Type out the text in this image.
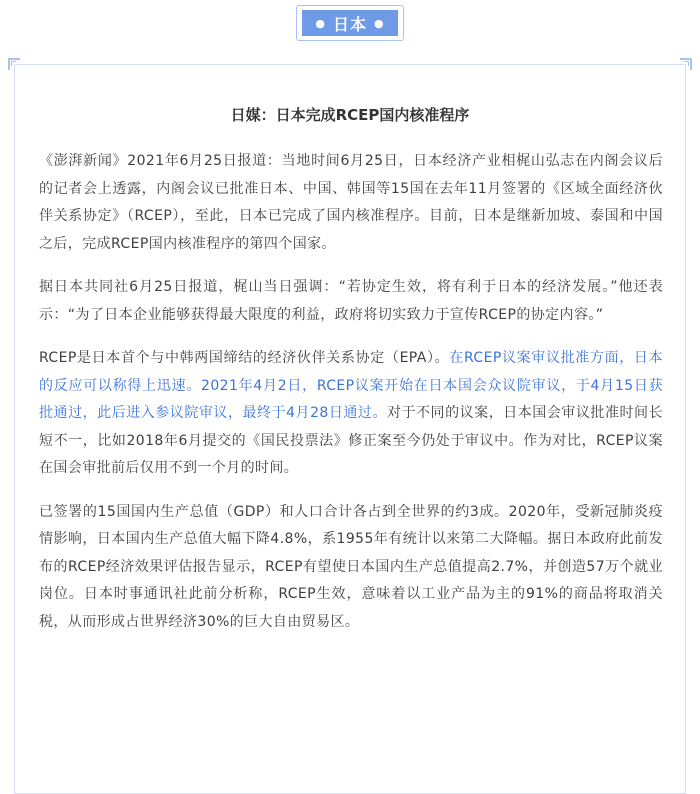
● 日本 ●
日媒：日本完成RCEP国内核准程序

《澎湃新闻》2021年6月25日报道：当地时间6月25日，日本经济产业相梶山弘志在内阁会议后的记者会上透露，内阁会议已批准日本、中国、韩国等15国在去年11月签署的《区域全面经济伙伴关系协定》（RCEP），至此，日本已完成了国内核准程序。目前，日本是继新加坡、泰国和中国之后，完成RCEP国内核准程序的第四个国家。

据日本共同社6月25日报道，梶山当日强调：“若协定生效，将有利于日本的经济发展。”他还表示：“为了日本企业能够获得最大限度的利益，政府将切实致力于宣传RCEP的协定内容。”

RCEP是日本首个与中韩两国缔结的经济伙伴关系协定（EPA）。在RCEP议案审议批准方面，日本的反应可以称得上迅速。2021年4月2日，RCEP议案开始在日本国会众议院审议，于4月15日获批通过，此后进入参议院审议，最终于4月28日通过。对于不同的议案，日本国会审议批准时间长短不一，比如2018年6月提交的《国民投票法》修正案至今仍处于审议中。作为对比，RCEP议案在国会审批前后仅用不到一个月的时间。

已签署的15国国内生产总值（GDP）和人口合计各占到全世界的约3成。2020年，受新冠肺炎疫情影响，日本国内生产总值大幅下降4.8%，系1955年有统计以来第二大降幅。据日本政府此前发布的RCEP经济效果评估报告显示，RCEP有望使日本国内生产总值提高2.7%，并创造57万个就业岗位。日本时事通讯社此前分析称，RCEP生效，意味着以工业产品为主的91%的商品将取消关税，从而形成占世界经济30%的巨大自由贸易区。
